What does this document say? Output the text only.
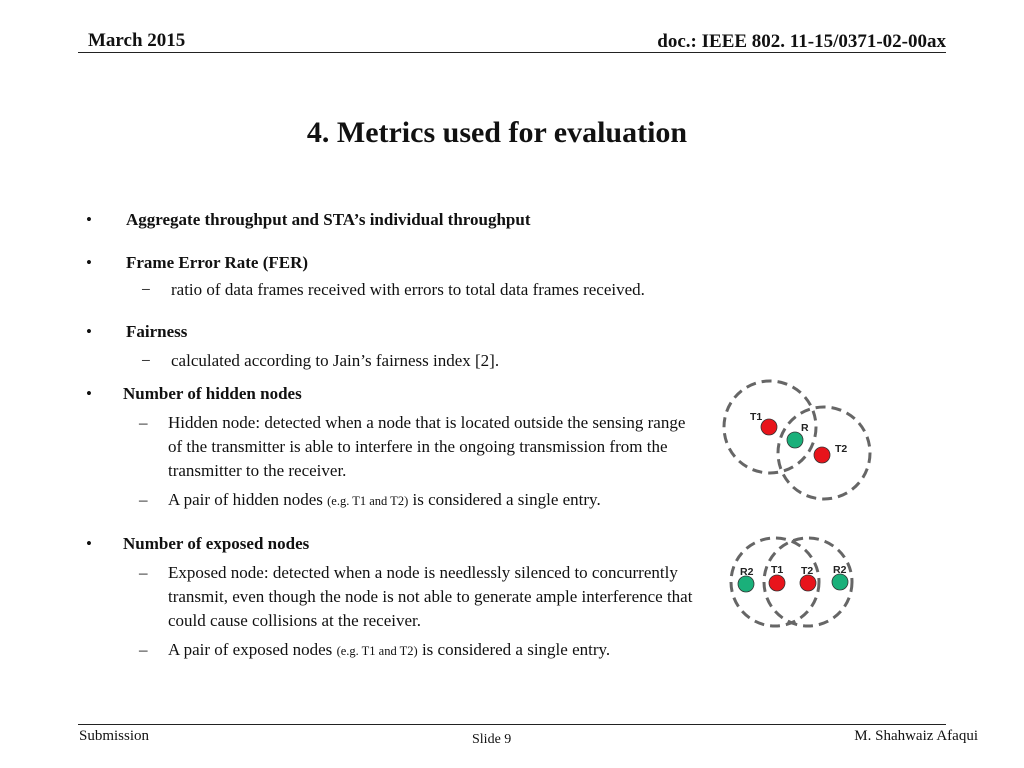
March 2015	doc.: IEEE 802. 11-15/0371-02-00ax
4. Metrics used for evaluation
• Aggregate throughput and STA’s individual throughput
• Frame Error Rate (FER)
− ratio of data frames received with errors to total data frames received.
• Fairness
− calculated according to Jain’s fairness index [2].
• Number of hidden nodes
– Hidden node: detected when a node that is located outside the sensing range of the transmitter is able to interfere in the ongoing transmission from the transmitter to the receiver.
– A pair of hidden nodes (e.g. T1 and T2) is considered a single entry.
• Number of exposed nodes
– Exposed node: detected when a node is needlessly silenced to concurrently transmit, even though the node is not able to generate ample interference that could cause collisions at the receiver.
– A pair of exposed nodes (e.g. T1 and T2) is considered a single entry.
T1
R
T2
R2 T1 T2 R2
Submission	Slide 9	M. Shahwaiz Afaqui
